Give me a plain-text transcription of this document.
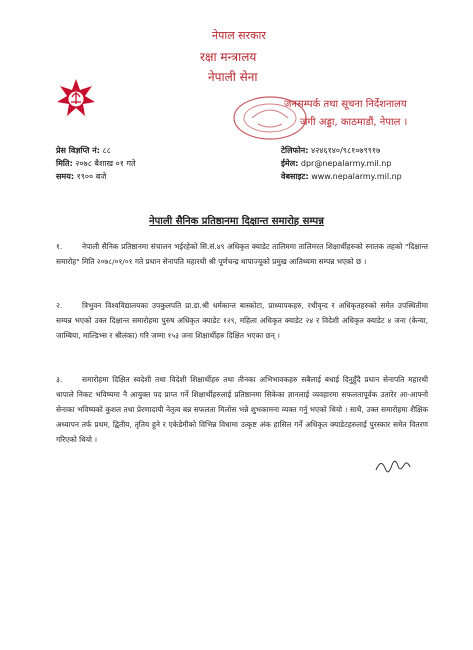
नेपाल सरकार
रक्षा मन्त्रालय
नेपाली सेना
जनसम्पर्क तथा सूचना निर्देशनालय
जंगी अड्डा, काठमाडौं, नेपाल ।
प्रेस विज्ञप्ति नं: ८८
मिति: २०७८ बैशाख ०१ गते
समय: १९०० बजे
टेलिफोन: ४२४६१४०/९८१०७९९१७
ईमेल: dpr@nepalarmy.mil.np
वेबसाइट: www.nepalarmy.mil.np
नेपाली सैनिक प्रतिष्ठानमा दिक्षान्त समारोह सम्पन्न
१.	नेपाली सैनिक प्रतिष्ठानमा संचालन भईरहेको सि.सं.४९ अधिकृत क्याडेट तालिममा तालिमरत शिक्षार्थीहरुको स्नातक तहको "दिक्षान्त समारोह" मिति २०७८/०१/०१ गते प्रधान सेनापति महारथी श्री पूर्णचन्द्र थापाज्यूको प्रमुख आतिथ्यमा सम्पन्न भएको छ ।
२.	त्रिभुवन विश्वविद्यालयका उपकुलपति प्रा.डा.श्री धर्मकान्त बास्कोटा, प्राध्यापकहरु, रथीवृन्द र अधिकृतहरुको समेत उपस्थितीमा सम्पन्न भएको उक्त दिक्षान्त समारोहमा पुरुष अधिकृत क्याडेट १२९, महिला अधिकृत क्याडेट २४ र विदेशी अधिकृत क्याडेट ४ जना (केन्या, जाम्बिया, माल्डिभ्स र श्रीलंका) गरि जम्मा १५३ जना शिक्षार्थीहरु दिक्षित भएका छन् ।
३.	समारोहमा दिक्षित स्वदेशी तथा विदेशी शिक्षार्थीहरु तथा तीनका अभिभावकहरु सबैलाई बधाई दिनुहुँदै प्रधान सेनापति महारथी थापाले निकट भविष्यमा नै आयुक्त पद प्राप्त गर्ने शिक्षार्थीहरुलाई प्रतिष्ठानमा सिकेका ज्ञानलाई व्यवहारमा सफलतापूर्वक उतारेर आ-आफ्नो सेनाका भविष्यको कुशल तथा प्रेरणादायी नेतृत्व बन्न सफलता मिलोस भन्ने शुभकामना व्यक्त गर्नु भएको थियो । साथै, उक्त समारोहमा शैक्षिक अध्यापन तर्फ प्रथम, द्वितीय, तृतिय हुने र एकेडेमीको विभिन्न विधामा उत्कृष्ट अंक हासिल गर्ने अधिकृत क्याडेटहरुलाई पुरस्कार समेत वितरण गरिएको थियो ।
